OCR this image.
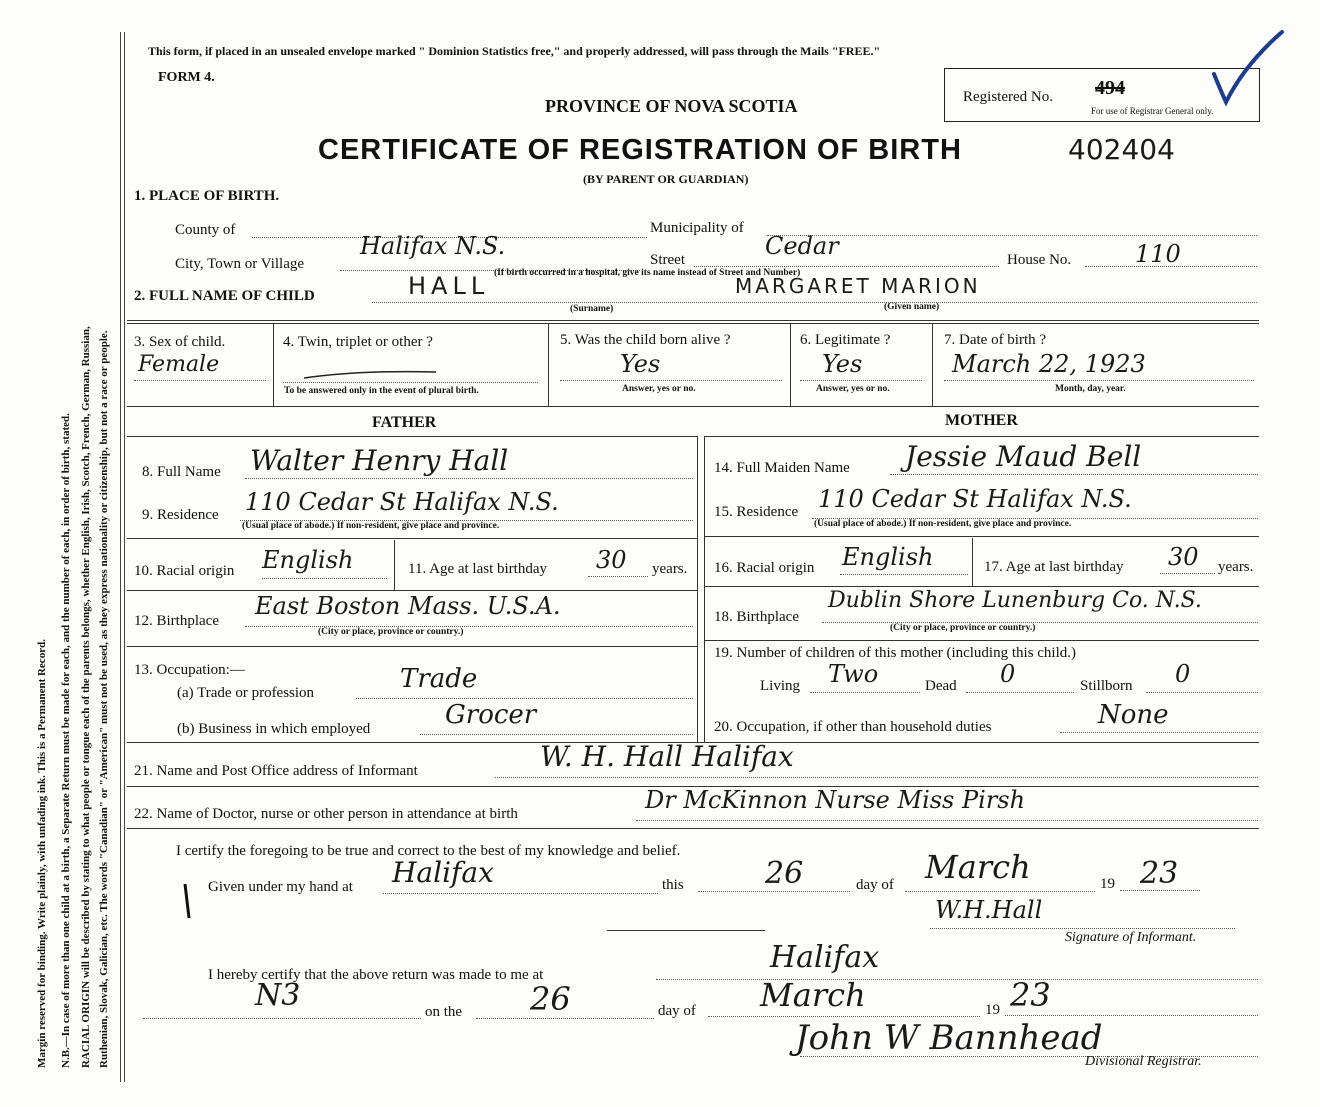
Margin reserved for binding. Write plainly, with unfading ink. This is a Permanent Record. N.B.—In case of more than one child at a birth, a Separate Return must be made for each, and the number of each, in order of birth, stated. RACIAL ORIGIN will be described by stating to what people or tongue each of the parents belongs, whether English, Irish, Scotch, French, German, Russian, Ruthenian, Slovak, Galician, etc. The words "Canadian" or "American" must not be used, as they express nationality or citizenship, but not a race or people.
This form, if placed in an unsealed envelope marked " Dominion Statistics free," and properly addressed, will pass through the Mails "FREE."
FORM 4.
PROVINCE OF NOVA SCOTIA
CERTIFICATE OF REGISTRATION OF BIRTH	402404
(BY PARENT OR GUARDIAN)
Registered No. 494
For use of Registrar General only.
1. PLACE OF BIRTH.
County of	Municipality of
City, Town or Village
Halifax N.S.	Street	Cedar	House No.	110
(If birth occurred in a hospital, give its name instead of Street and Number)
2. FULL NAME OF CHILD	HALL	MARGARET MARION
(Surname)	(Given name)
3. Sex of child.
Female
4. Twin, triplet or other ?
To be answered only in the event of plural birth.
5. Was the child born alive ?
Yes
Answer, yes or no.
6. Legitimate ?
Yes
Answer, yes or no.
7. Date of birth ?
March 22, 1923
Month, day, year.
FATHER	MOTHER
8. Full Name Walter Henry Hall
9. Residence 110 Cedar St Halifax N.S.
(Usual place of abode.) If non-resident, give place and province.
10. Racial origin English	11. Age at last birthday 30 years.
12. Birthplace
East Boston Mass. U.S.A.
(City or place, province or country.)
13. Occupation:—
(a) Trade or profession	Trade
(b) Business in which employed	Grocer
14. Full Maiden Name Jessie Maud Bell
15. Residence 110 Cedar St Halifax N.S.
(Usual place of abode.) If non-resident, give place and province.
16. Racial origin English	17. Age at last birthday 30 years.
18. Birthplace
Dublin Shore Lunenburg Co. N.S.
(City or place, province or country.)
19. Number of children of this mother (including this child.)
Living Two	Dead 0	Stillborn 0
20. Occupation, if other than household duties	None
21. Name and Post Office address of Informant	W. H. Hall Halifax
22. Name of Doctor, nurse or other person in attendance at birth	Dr McKinnon Nurse Miss Pirsh
I certify the foregoing to be true and correct to the best of my knowledge and belief.
Given under my hand at Halifax	this	26	day of March	19 23
W.H.Hall
Signature of Informant.
I hereby certify that the above return was made to me at	Halifax
N3	on the 26	day of March	19 23
John W Bannhead
Divisional Registrar.
